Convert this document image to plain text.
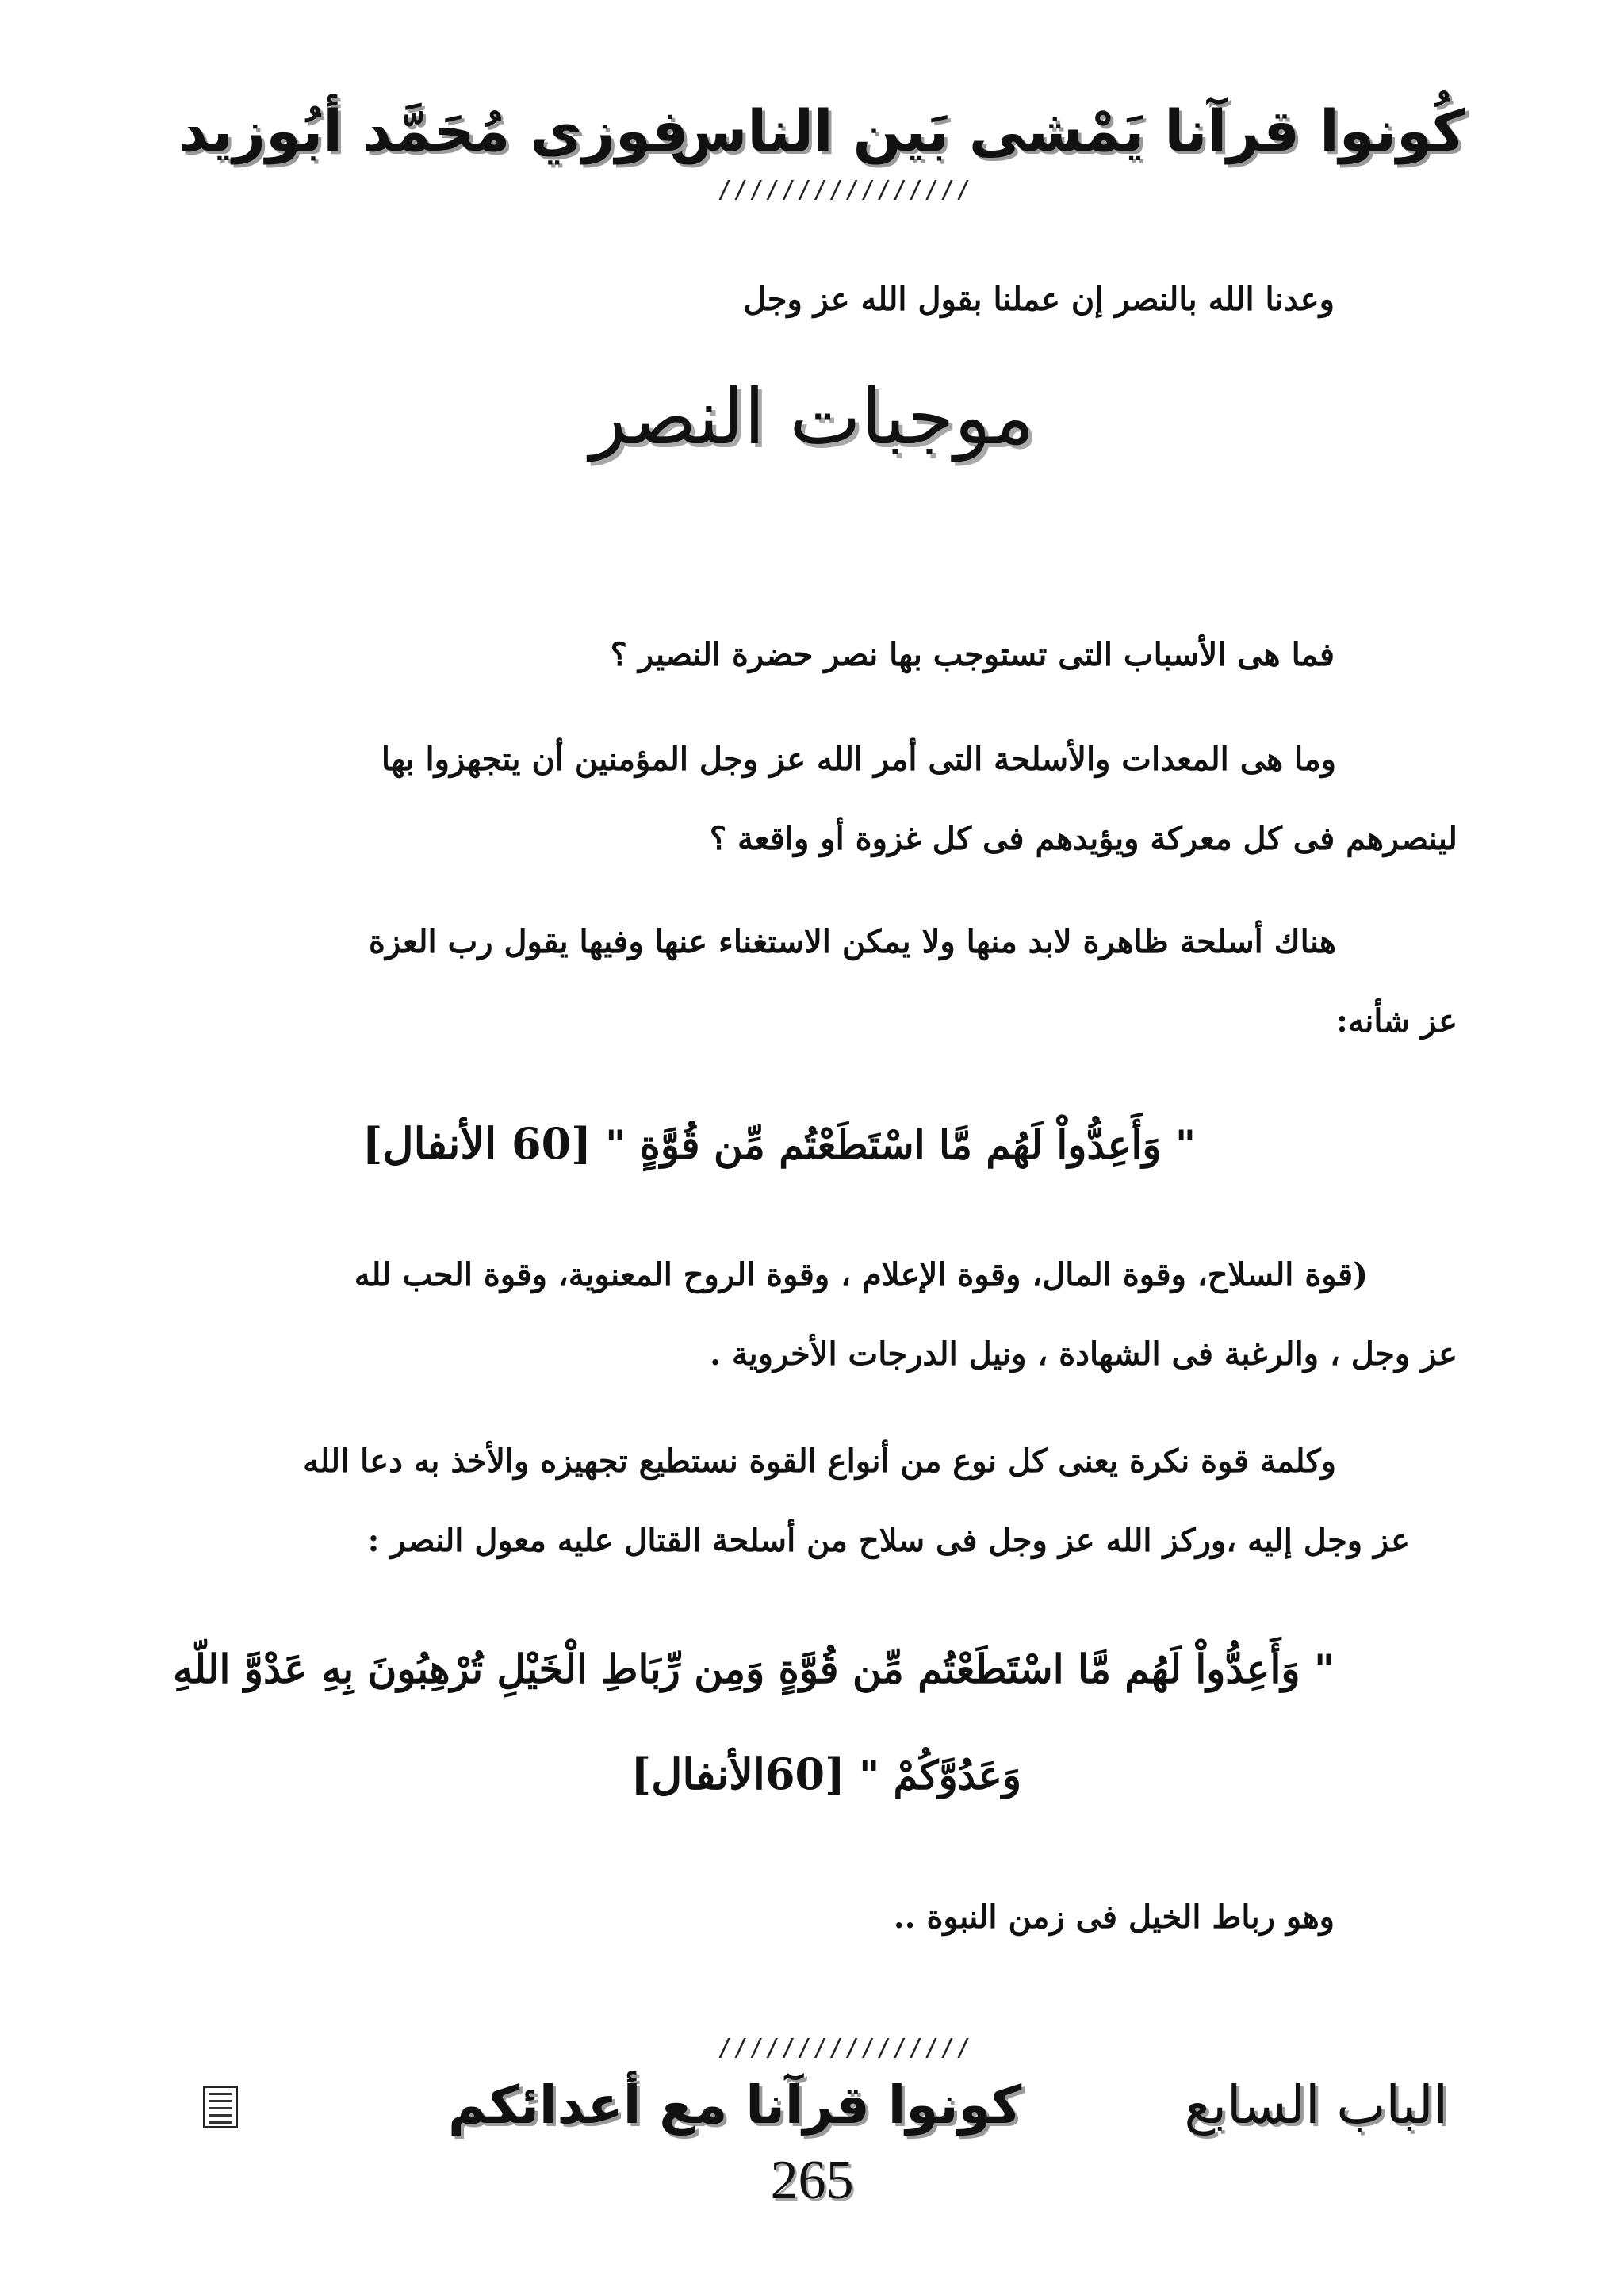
كُونوا قرآنا يَمْشى بَين الناس
فوزي مُحَمَّد أبُوزيد
////////////////
وعدنا الله بالنصر إن عملنا بقول الله عز وجل
موجبات النصر
فما هى الأسباب التى تستوجب بها نصر حضرة النصير ؟
وما هى المعدات والأسلحة التى أمر الله عز وجل المؤمنين أن يتجهزوا بها
لينصرهم فى كل معركة ويؤيدهم فى كل غزوة أو واقعة ؟
هناك أسلحة ظاهرة لابد منها ولا يمكن الاستغناء عنها وفيها يقول رب العزة
عز شأنه:
" وَأَعِدُّواْ لَهُم مَّا اسْتَطَعْتُم مِّن قُوَّةٍ " [60 الأنفال]
(قوة السلاح، وقوة المال، وقوة الإعلام ، وقوة الروح المعنوية، وقوة الحب لله
عز وجل ، والرغبة فى الشهادة ، ونيل الدرجات الأخروية .
وكلمة قوة نكرة يعنى كل نوع من أنواع القوة نستطيع تجهيزه والأخذ به دعا الله
عز وجل إليه ،وركز الله عز وجل فى سلاح من أسلحة القتال عليه معول النصر :
" وَأَعِدُّواْ لَهُم مَّا اسْتَطَعْتُم مِّن قُوَّةٍ وَمِن رِّبَاطِ الْخَيْلِ تُرْهِبُونَ بِهِ عَدْوَّ اللّهِ
وَعَدُوَّكُمْ " [60الأنفال]
وهو رباط الخيل فى زمن النبوة ..
////////////////
الباب السابع
كونوا قرآنا مع أعدائكم
265
